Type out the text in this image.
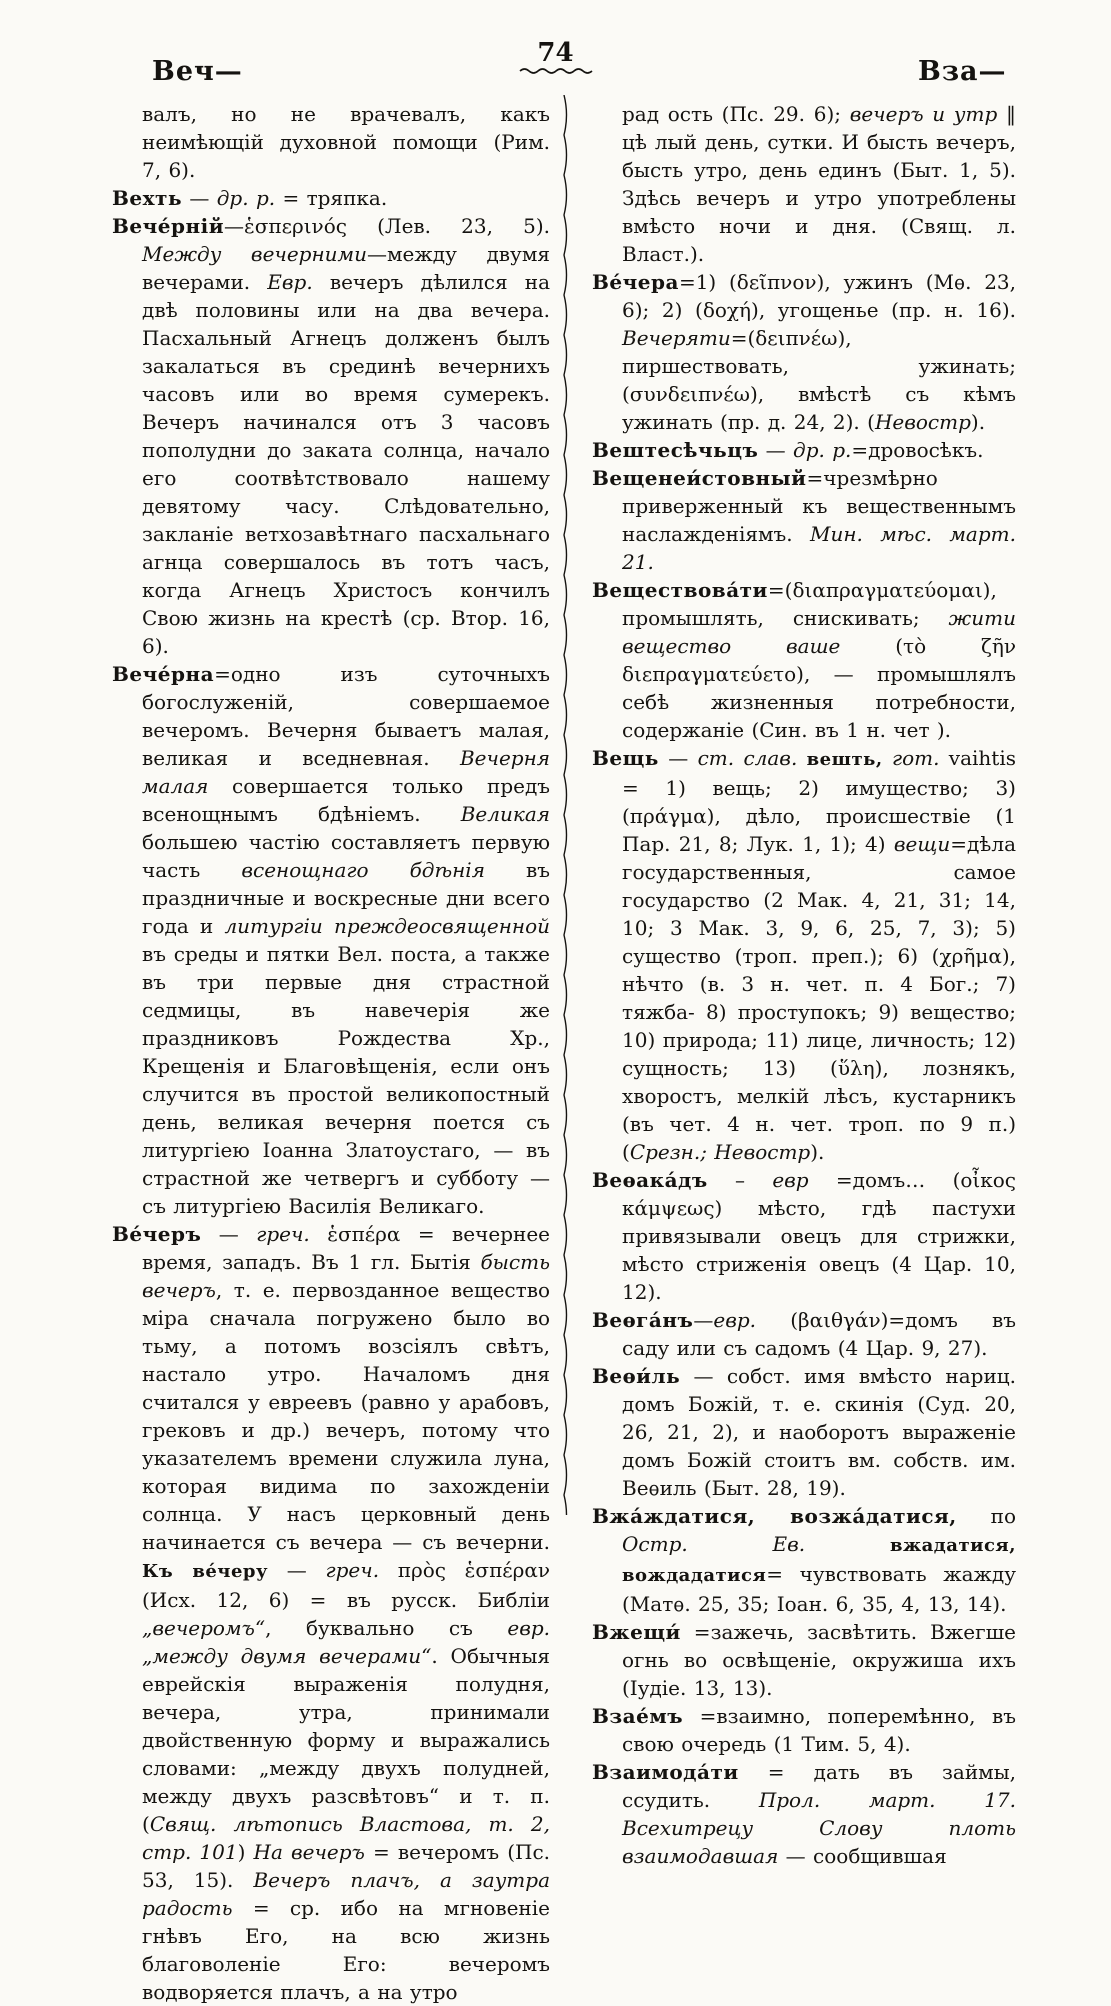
Веч—
74
Вза—

валъ, но не врачевалъ, какъ неимѣющій духовной помощи (Рим. 7, 6).

Вехть — др. р. = тряпка.

Вече́рній—ἑσπερινός (Лев. 23, 5). Между вечерними—между двумя вечерами. Евр. вечеръ дѣлился на двѣ половины или на два вечера. Пасхальный Агнецъ долженъ былъ закалаться въ срединѣ вечернихъ часовъ или во время сумерекъ. Вечеръ начинался отъ 3 часовъ пополудни до заката солнца, начало его соотвѣтствовало нашему девятому часу. Слѣдовательно, закланіе ветхозавѣтнаго пасхальнаго агнца совершалось въ тотъ часъ, когда Агнецъ Христосъ кончилъ Свою жизнь на крестѣ (ср. Втор. 16, 6).

Вече́рна=одно изъ суточныхъ богослуженій, совершаемое вечеромъ. Вечерня бываетъ малая, великая и вседневная. Вечерня малая совершается только предъ всенощнымъ бдѣніемъ. Великая большею частію составляетъ первую часть всенощнаго бдѣнія въ праздничные и воскресные дни всего года и литургіи преждеосвященной въ среды и пятки Вел. поста, а также въ три первые дня страстной седмицы, въ навечерія же праздниковъ Рождества Хр., Крещенія и Благовѣщенія, если онъ случится въ простой великопостный день, великая вечерня поется съ литургіею Іоанна Златоустаго, — въ страстной же четвергъ и субботу — съ литургіею Василія Великаго.

Ве́черъ — греч. ἑσπέρα = вечернее время, западъ. Въ 1 гл. Бытія бысть вечеръ, т. е. первозданное вещество міра сначала погружено было во тьму, а потомъ возсіялъ свѣтъ, настало утро. Началомъ дня считался у евреевъ (равно у арабовъ, грековъ и др.) вечеръ, потому что указателемъ времени служила луна, которая видима по захожденіи солнца. У насъ церковный день начинается съ вечера — съ вечерни. Къ ве́черу — греч. πρὸς ἑσπέραν (Исх. 12, 6) = въ русск. Библіи „вечеромъ“, буквально съ евр. „между двумя вечерами“. Обычныя еврейскія выраженія полудня, вечера, утра, принимали двойственную форму и выражались словами: „между двухъ полудней, между двухъ разсвѣтовъ“ и т. п. (Свящ. лѣтопись Властова, т. 2, стр. 101) На вечеръ = вечеромъ (Пс. 53, 15). Вечеръ плачъ, а заутра радость = ср. ибо на мгновеніе гнѣвъ Его, на всю жизнь благоволеніе Его: вечеромъ водворяется плачъ, а на утро

рад ость (Пс. 29. 6); вечеръ и утр ‖ цѣ лый день, сутки. И бысть вечеръ, бысть утро, день единъ (Быт. 1, 5). Здѣсь вечеръ и утро употреблены вмѣсто ночи и дня. (Свящ. л. Власт.).

Ве́чера=1) (δεῖπνον), ужинъ (Мѳ. 23, 6); 2) (δοχή), угощенье (пр. н. 16). Вечеряти=(δειπνέω), пиршествовать, ужинать; (συνδειπνέω), вмѣстѣ съ кѣмъ ужинать (пр. д. 24, 2). (Невостр).

Вештесѣчьцъ — др. р.=дровосѣкъ.

Вещенеи́стовный=чрезмѣрно приверженный къ вещественнымъ наслажденіямъ. Мин. мѣс. март. 21.

Веществова́ти=(διαπραγματεύομαι), промышлять, снискивать; жити вещество ваше (τὸ ζῆν διεπραγματεύετο), — промышлялъ себѣ жизненныя потребности, содержаніе (Син. въ 1 н. чет ).

Вещь — ст. слав. вешть, гот. vaihtis = 1) вещь; 2) имущество; 3) (πράγμα), дѣло, происшествіе (1 Пар. 21, 8; Лук. 1, 1); 4) вещи=дѣла государственныя, самое государство (2 Мак. 4, 21, 31; 14, 10; 3 Мак. 3, 9, 6, 25, 7, 3); 5) существо (троп. преп.); 6) (χρῆμα), нѣчто (в. 3 н. чет. п. 4 Бог.; 7) тяжба- 8) проступокъ; 9) вещество; 10) природа; 11) лице, личность; 12) сущность; 13) (ὕλη), лознякъ, хворостъ, мелкій лѣсъ, кустарникъ (въ чет. 4 н. чет. троп. по 9 п.) (Срезн.; Невостр).

Веѳака́дъ – евр =домъ… (οἶκος κάμψεως) мѣсто, гдѣ пастухи привязывали овецъ для стрижки, мѣсто стриженія овецъ (4 Цар. 10, 12).

Веѳга́нъ—евр. (βαιθγάν)=домъ въ саду или съ садомъ (4 Цар. 9, 27).

Веѳи́ль — собст. имя вмѣсто нариц. домъ Божій, т. е. скинія (Суд. 20, 26, 21, 2), и наоборотъ выраженіе домъ Божій стоитъ вм. собств. им. Веѳиль (Быт. 28, 19).

Вжа́ждатися, возжа́датися, по Остр. Ев.	вжадатися, вождадатися= чувствовать жажду (Матѳ. 25, 35; Іоан. 6, 35, 4, 13, 14).

Вжещи́ =зажечь, засвѣтить. Вжегше огнь во освѣщеніе, окружиша ихъ (Іудіе. 13, 13).

Взае́мъ =взаимно, поперемѣнно, въ свою очередь (1 Тим. 5, 4).

Взаимода́ти = дать въ займы, ссудить. Прол. март. 17. Всехитрецу Слову плоть взаимодавшая — сообщившая
